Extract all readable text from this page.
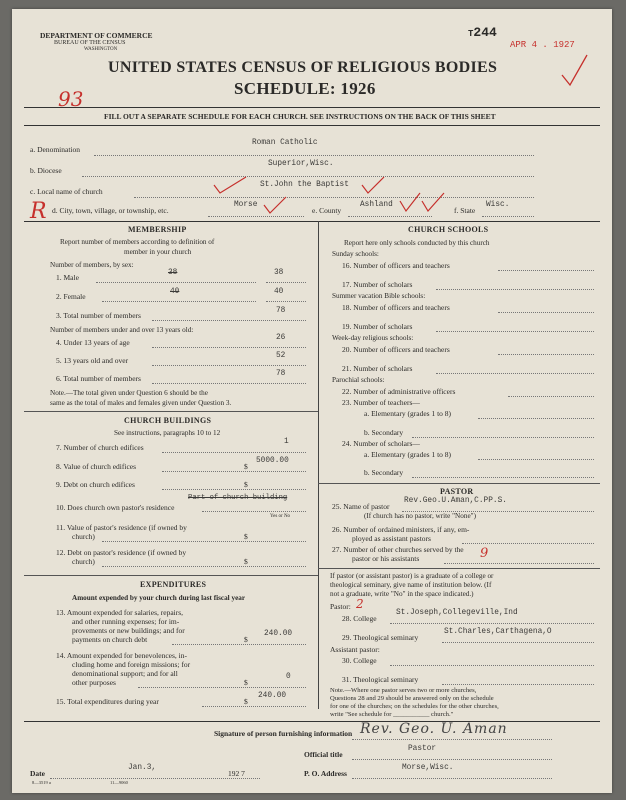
DEPARTMENT OF COMMERCE
BUREAU OF THE CENSUS
WASHINGTON
T244
APR 4 . 1927
UNITED STATES CENSUS OF RELIGIOUS BODIES
SCHEDULE: 1926
93
FILL OUT A SEPARATE SCHEDULE FOR EACH CHURCH. SEE INSTRUCTIONS ON THE BACK OF THIS SHEET
a. Denomination
Roman Catholic
b. Diocese
Superior,Wisc.
c. Local name of church
St.John the Baptist
R d. City, town, village, or township, etc.
Morse
e. County
Ashland
f. State
Wisc.
MEMBERSHIP
Report number of members according to definition of
member in your church
Number of members, by sex:
1. Male	38	38
2. Female	40	40
3. Total number of members	78
Number of members under and over 13 years old:
4. Under 13 years of age	26
5. 13 years old and over	52
6. Total number of members	78
Note.—The total given under Question 6 should be the
same as the total of males and females given under Question 3.
CHURCH BUILDINGS
See instructions, paragraphs 10 to 12
7. Number of church edifices
1
8. Value of church edifices	$
5000.00
9. Debt on church edifices	$
Part of church building
10. Does church own pastor's residence
Yes or No
11. Value of pastor's residence (if owned by
church)	$
12. Debt on pastor's residence (if owned by
church)	$
EXPENDITURES
Amount expended by your church during last fiscal year
13. Amount expended for salaries, repairs,
and other running expenses; for im-
provements or new buildings; and for
payments on church debt	$
240.00
14. Amount expended for benevolences, in-
cluding home and foreign missions; for
denominational support; and for all
other purposes	$
0
15. Total expenditures during year	$
240.00
CHURCH SCHOOLS
Report here only schools conducted by this church
Sunday schools:
16. Number of officers and teachers
17. Number of scholars
Summer vacation Bible schools:
18. Number of officers and teachers
19. Number of scholars
Week-day religious schools:
20. Number of officers and teachers
21. Number of scholars
Parochial schools:
22. Number of administrative officers
23. Number of teachers—
a. Elementary (grades 1 to 8)
b. Secondary
24. Number of scholars—
a. Elementary (grades 1 to 8)
b. Secondary
PASTOR
25. Name of pastor
Rev.Geo.U.Aman,C.PP.S.
(If church has no pastor, write "None")
26. Number of ordained ministers, if any, em-
ployed as assistant pastors
27. Number of other churches served by the
pastor or his assistants	9
If pastor (or assistant pastor) is a graduate of a college or
theological seminary, give name of institution below. (If
not a graduate, write "No" in the space indicated.)
Pastor: 2
28. College
St.Joseph,Collegeville,Ind
29. Theological seminary
St.Charles,Carthagena,O
Assistant pastor:
30. College
31. Theological seminary
Note.—Where one pastor serves two or more churches,
Questions 28 and 29 should be answered only on the schedule
for one of the churches; on the schedules for the other churches,
write "See schedule for ___________ church."
Signature of person furnishing information Rev. Geo. U. Aman
Official title
Pastor
Date
Jan.3,
192 7	P. O. Address
Morse,Wisc.
8—3519 a	11—9060
